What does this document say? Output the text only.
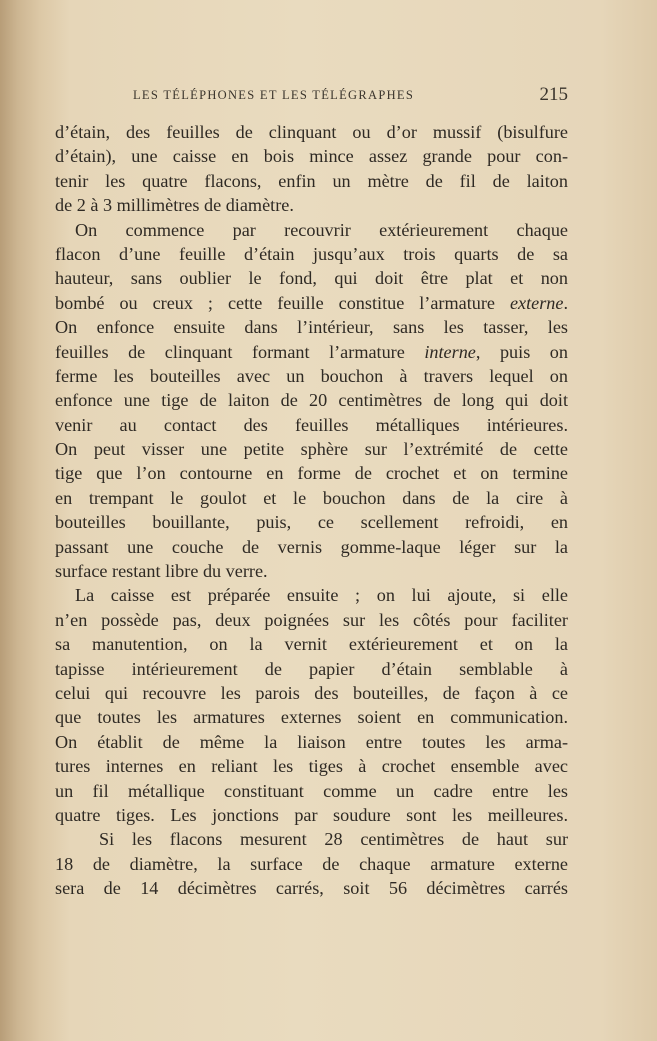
LES TÉLÉPHONES ET LES TÉLÉGRAPHES	215
d’étain, des feuilles de clinquant ou d’or mussif (bisulfure
d’étain), une caisse en bois mince assez grande pour con-
tenir les quatre flacons, enfin un mètre de fil de laiton
de 2 à 3 millimètres de diamètre.
On commence par recouvrir extérieurement chaque
flacon d’une feuille d’étain jusqu’aux trois quarts de sa
hauteur, sans oublier le fond, qui doit être plat et non
bombé ou creux ; cette feuille constitue l’armature externe.
On enfonce ensuite dans l’intérieur, sans les tasser, les
feuilles de clinquant formant l’armature interne, puis on
ferme les bouteilles avec un bouchon à travers lequel on
enfonce une tige de laiton de 20 centimètres de long qui doit
venir au contact des feuilles métalliques intérieures.
On peut visser une petite sphère sur l’extrémité de cette
tige que l’on contourne en forme de crochet et on termine
en trempant le goulot et le bouchon dans de la cire à
bouteilles bouillante, puis, ce scellement refroidi, en
passant une couche de vernis gomme-laque léger sur la
surface restant libre du verre.
La caisse est préparée ensuite ; on lui ajoute, si elle
n’en possède pas, deux poignées sur les côtés pour faciliter
sa manutention, on la vernit extérieurement et on la
tapisse intérieurement de papier d’étain semblable à
celui qui recouvre les parois des bouteilles, de façon à ce
que toutes les armatures externes soient en communication.
On établit de même la liaison entre toutes les arma-
tures internes en reliant les tiges à crochet ensemble avec
un fil métallique constituant comme un cadre entre les
quatre tiges. Les jonctions par soudure sont les meilleures.
Si les flacons mesurent 28 centimètres de haut sur
18 de diamètre, la surface de chaque armature externe
sera de 14 décimètres carrés, soit 56 décimètres carrés
